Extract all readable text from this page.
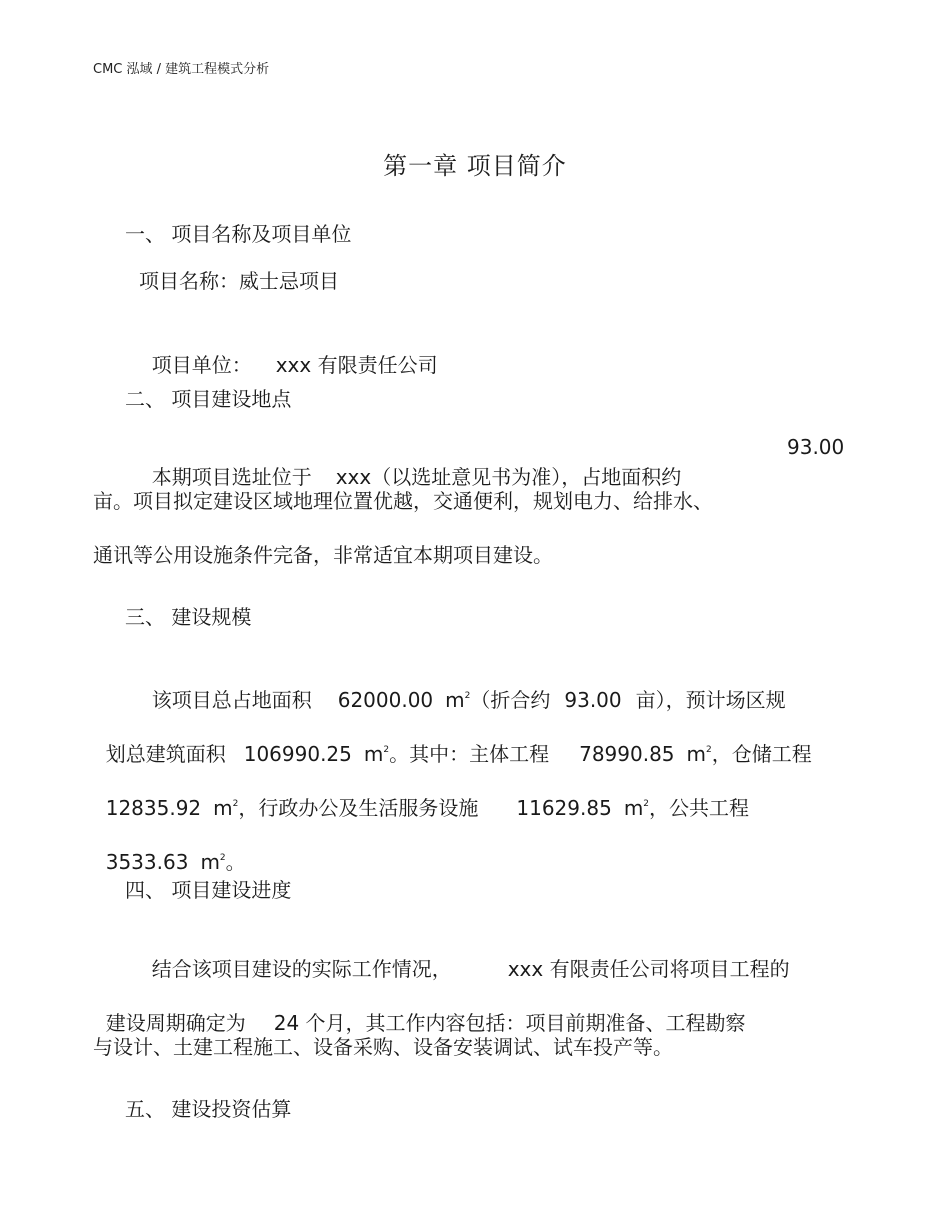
CMC 泓域 / 建筑工程模式分析
第一章 项目简介
一、 项目名称及项目单位
项目名称：威士忌项目

项目单位： xxx 有限责任公司

二、 项目建设地点

本期项目选址位于 xxx（以选址意见书为准），占地面积约

93.00
亩。项目拟定建设区域地理位置优越，交通便利，规划电力、给排水、
通讯等公用设施条件完备，非常适宜本期项目建设。
三、 建设规模

该项目总占地面积 62000.00 $m^2$（折合约 93.00 亩），预计场区规

划总建筑面积 106990.25 $m^2$。其中：主体工程 78990.85 $m^2$，仓储工程

12835.92 $m^2$，行政办公及生活服务设施 11629.85 $m^2$，公共工程

3533.63 $m^2$。

四、 项目建设进度

结合该项目建设的实际工作情况，	xxx 有限责任公司将项目工程的

建设周期确定为 24 个月，其工作内容包括：项目前期准备、工程勘察

与设计、土建工程施工、设备采购、设备安装调试、试车投产等。
五、 建设投资估算
